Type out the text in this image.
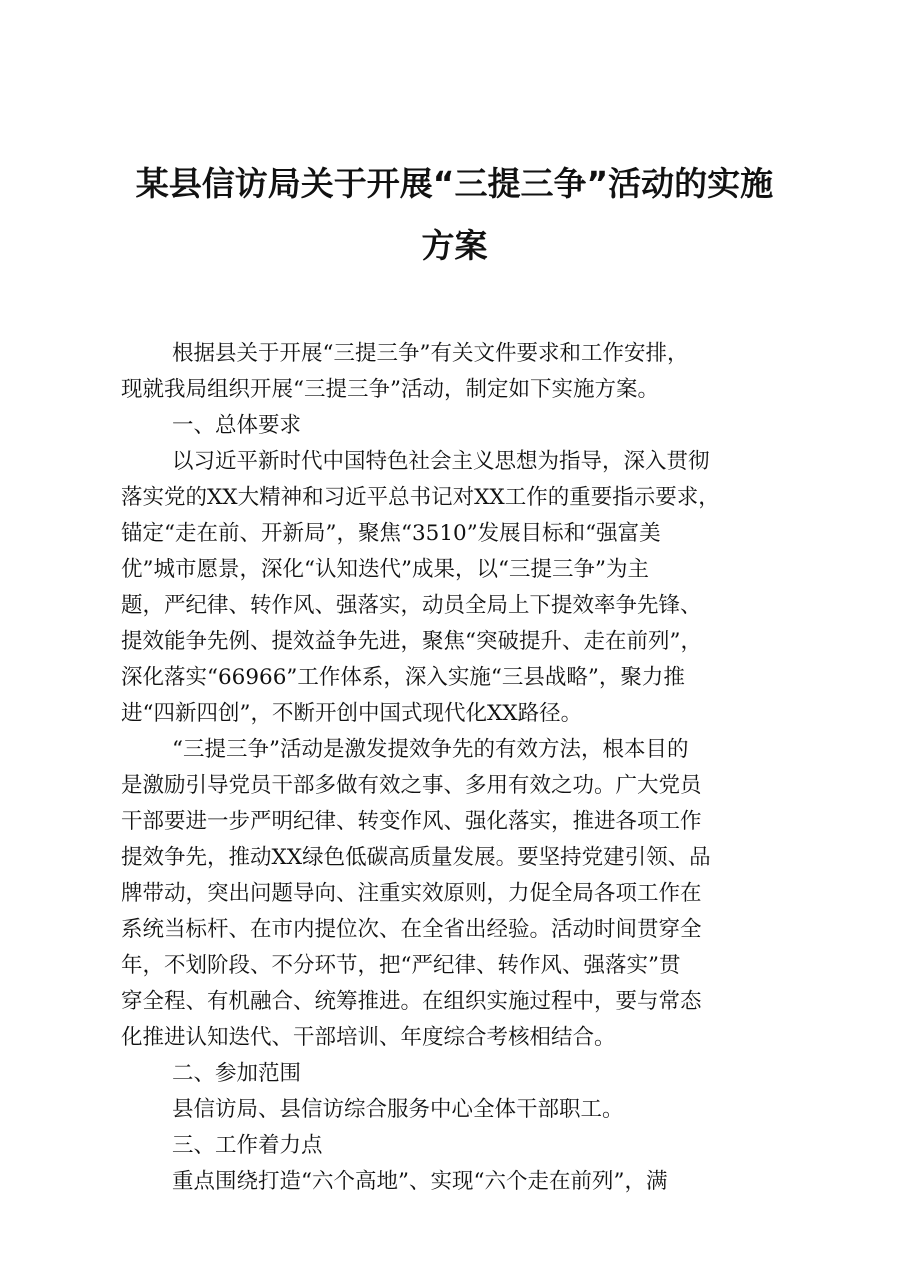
某县信访局关于开展“三提三争”活动的实施
方案
根据县关于开展“三提三争”有关文件要求和工作安排，
现就我局组织开展“三提三争”活动，制定如下实施方案。
一、总体要求
以习近平新时代中国特色社会主义思想为指导，深入贯彻
落实党的XX大精神和习近平总书记对XX工作的重要指示要求，
锚定“走在前、开新局”，聚焦“3510”发展目标和“强富美
优”城市愿景，深化“认知迭代”成果，以“三提三争”为主
题，严纪律、转作风、强落实，动员全局上下提效率争先锋、
提效能争先例、提效益争先进，聚焦“突破提升、走在前列”，
深化落实“66966”工作体系，深入实施“三县战略”，聚力推
进“四新四创”，不断开创中国式现代化XX路径。
“三提三争”活动是激发提效争先的有效方法，根本目的
是激励引导党员干部多做有效之事、多用有效之功。广大党员
干部要进一步严明纪律、转变作风、强化落实，推进各项工作
提效争先，推动XX绿色低碳高质量发展。要坚持党建引领、品
牌带动，突出问题导向、注重实效原则，力促全局各项工作在
系统当标杆、在市内提位次、在全省出经验。活动时间贯穿全
年，不划阶段、不分环节，把“严纪律、转作风、强落实”贯
穿全程、有机融合、统筹推进。在组织实施过程中，要与常态
化推进认知迭代、干部培训、年度综合考核相结合。
二、参加范围
县信访局、县信访综合服务中心全体干部职工。
三、工作着力点
重点围绕打造“六个高地”、实现“六个走在前列”，满
